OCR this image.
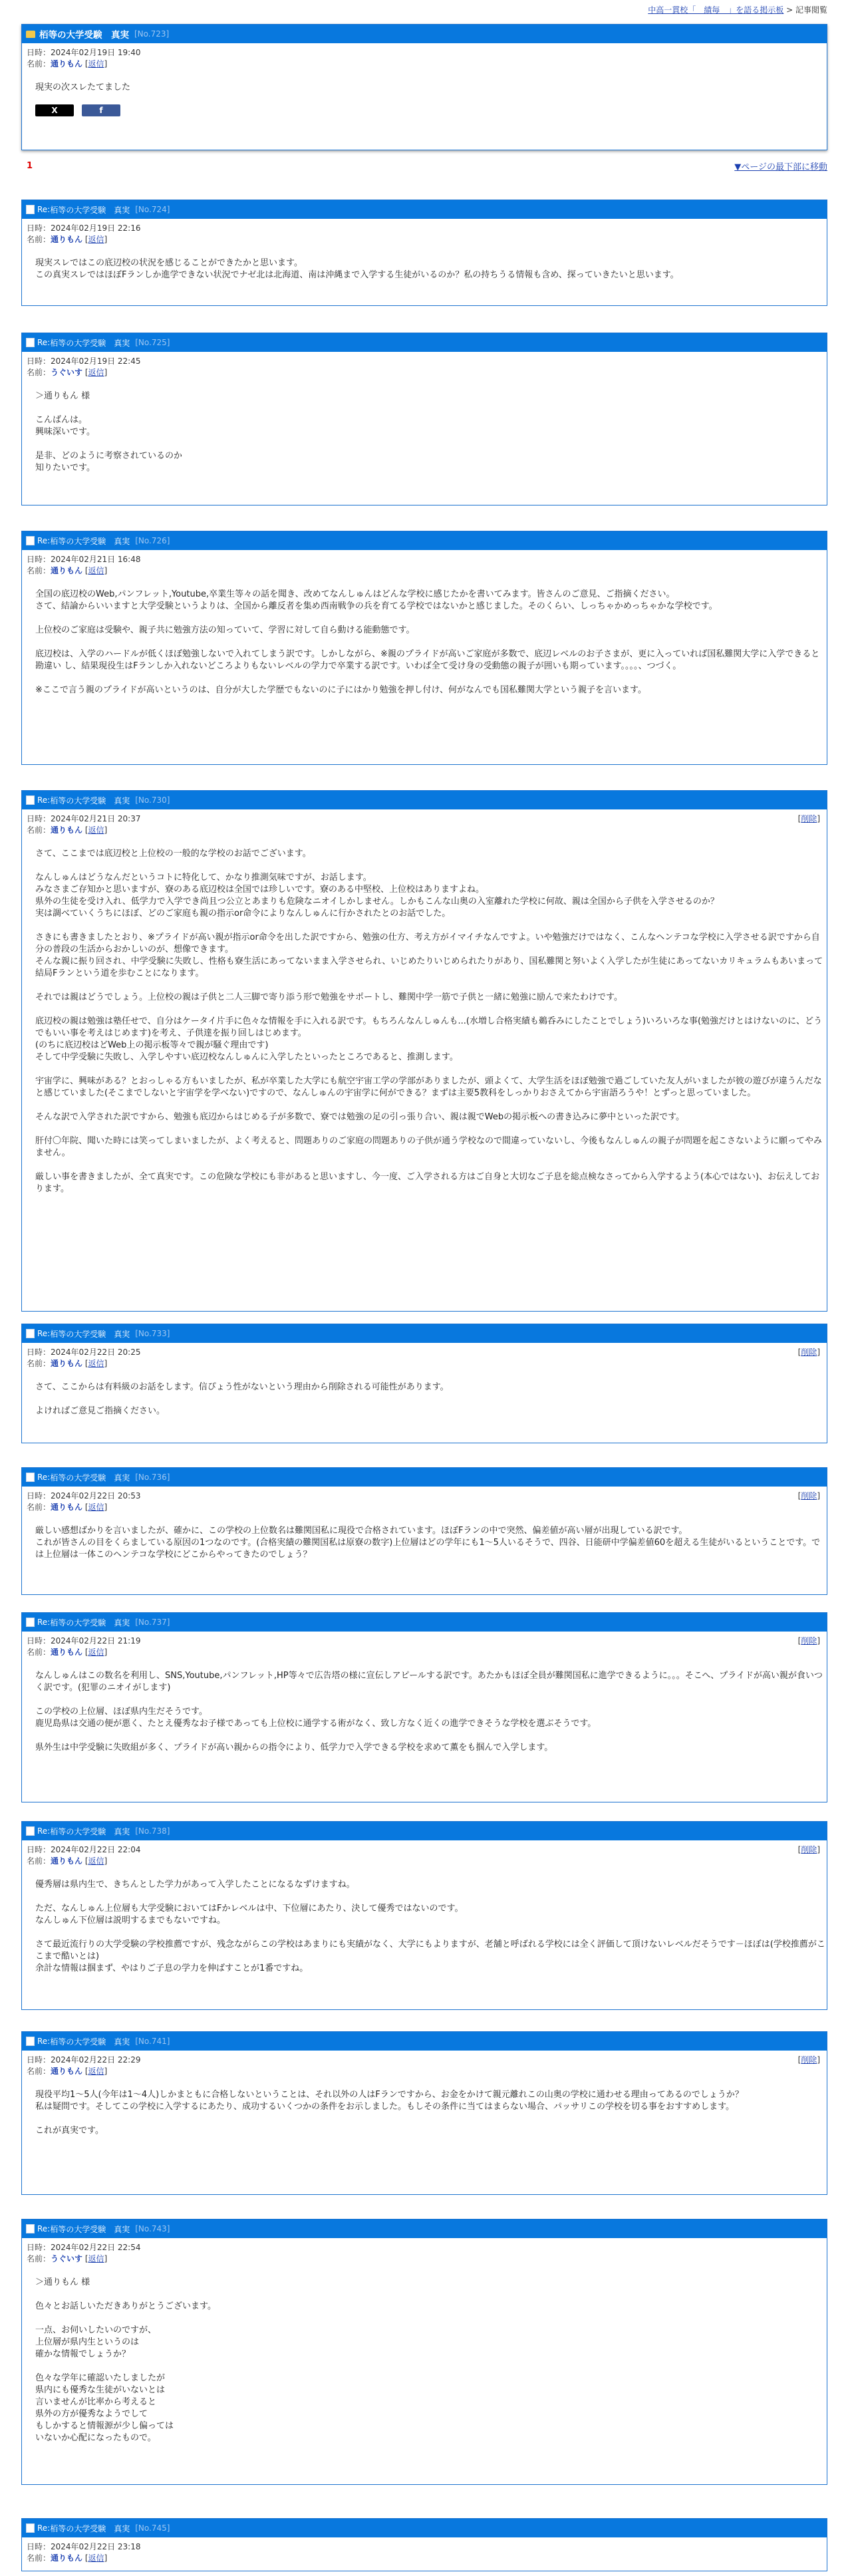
中高一貫校「　績毎　」を語る掲示板 > 記事閲覧
栢等の大学受験　真実 [No.723]
日時：2024年02月19日 19:40
名前：通りもん [返信]
現実の次スレたてました
X	f
1	▼ページの最下部に移動
Re: 栢等の大学受験　真実 [No.724]
日時：2024年02月19日 22:16
名前：通りもん [返信]
現実スレではこの底辺校の状況を感じることができたかと思います。
この真実スレではほぼFランしか進学できない状況でナゼ北は北海道、南は沖縄まで入学する生徒がいるのか？私の持ちうる情報も含め、探っていきたいと思います。
Re: 栢等の大学受験　真実 [No.725]
日時：2024年02月19日 22:45
名前：うぐいす [返信]
＞通りもん 様

こんばんは。
興味深いです。

是非、どのように考察されているのか
知りたいです。
Re: 栢等の大学受験　真実 [No.726]
日時：2024年02月21日 16:48
名前：通りもん [返信]
全国の底辺校のWeb,パンフレット,Youtube,卒業生等々の話を聞き、改めてなんしゅんはどんな学校に感じたかを書いてみます。皆さんのご意見、ご指摘ください。
さて、結論からいいますと大学受験というよりは、全国から離反者を集め西南戦争の兵を育てる学校ではないかと感じました。そのくらい、しっちゃかめっちゃかな学校です。

上位校のご家庭は受験や、親子共に勉強方法の知っていて、学習に対して自ら動ける能動態です。

底辺校は、入学のハードルが低くほぼ勉強しないで入れてしまう訳です。しかしながら、※親のプライドが高いご家庭が多数で、底辺レベルのお子さまが、更に入っていれば国私難関大学に入学できると勘違い し、結果現役生はFランしか入れないどころよりもないレベルの学力で卒業する訳です。いわば全て受け身の受動態の親子が囲いも期っています。。。。、つづく。

※ここで言う親のプライドが高いというのは、自分が大した学歴でもないのに子にはかり勉強を押し付け、何がなんでも国私難関大学という親子を言います。
Re: 栢等の大学受験　真実 [No.730]
[削除]
日時：2024年02月21日 20:37
名前：通りもん [返信]
さて、ここまでは底辺校と上位校の一般的な学校のお話でございます。

なんしゅんはどうなんだというコトに特化して、かなり推測気味ですが、お話します。
みなさまご存知かと思いますが、寮のある底辺校は全国では珍しいです。寮のある中堅校、上位校はありますよね。
県外の生徒を受け入れ、低学力で入学でき尚且つ公立とあまりも危険なニオイしかしません。しかもこんな山奥の入室離れた学校に何故、親は全国から子供を入学させるのか？
実は調べていくうちにほぼ、どのご家庭も親の指示or命令によりなんしゅんに行かされたとのお話でした。

さきにも書きましたとおり、※プライドが高い親が指示or命令を出した訳ですから、勉強の仕方、考え方がイマイチなんですよ。いや勉強だけではなく、こんなヘンテコな学校に入学させる訳ですから自分の普段の生活からおかしいのが、想像できます。
そんな親に振り回され、中学受験に失敗し、性格も寮生活にあってないまま入学させられ、いじめたりいじめられたりがあり、国私難関と努いよく入学したが生徒にあってないカリキュラムもあいまって結局Fランという道を歩むことになります。

それでは親はどうでしょう。上位校の親は子供と二人三脚で寄り添う形で勉強をサポートし、難関中学一筋で子供と一緒に勉強に励んで来たわけです。

底辺校の親は勉強は塾任せで、自分はケータイ片手に色々な情報を手に入れる訳です。もちろんなんしゅんも...(水増し合格実績も鵜呑みにしたことでしょう)いろいろな事(勉強だけとはけないのに、どうでもいい事を考えはじめます)を考え、子供達を振り回しはじめます。
(のちに底辺校はどWeb上の掲示板等々で親が騒ぐ理由です)
そして中学受験に失敗し、入学しやすい底辺校なんしゅんに入学したといったところであると、推測します。

宇宙学に、興味がある？とおっしゃる方もいましたが、私が卒業した大学にも航空宇宙工学の学部がありましたが、頭よくて、大学生活をほぼ勉強で過ごしていた友人がいましたが彼の遊びが違うんだなと感じていました(そこまでしないと宇宙学を学べない)ですので、なんしゅんの宇宙学に何ができる？まずは主要5教科をしっかりおさえてから宇宙語ろうや！とずっと思っていました。

そんな訳で入学された訳ですから、勉強も底辺からはじめる子が多数で、寮では勉強の足の引っ張り合い、親は親でWebの掲示板への書き込みに夢中といった訳です。

肝付〇年院、聞いた時には笑ってしまいましたが、よく考えると、問題ありのご家庭の問題ありの子供が通う学校なので間違っていないし、今後もなんしゅんの親子が問題を起こさないように願ってやみません。

厳しい事を書きましたが、全て真実です。この危険な学校にも非があると思いますし、今一度、ご入学される方はご自身と大切なご子息を総点検なさってから入学するよう(本心ではない)、お伝えしております。
Re: 栢等の大学受験　真実 [No.733]
[削除]
日時：2024年02月22日 20:25
名前：通りもん [返信]
さて、ここからは有料級のお話をします。信ぴょう性がないという理由から削除される可能性があります。

よければご意見ご指摘ください。
Re: 栢等の大学受験　真実 [No.736]
[削除]
日時：2024年02月22日 20:53
名前：通りもん [返信]
厳しい感想ばかりを言いましたが、確かに、この学校の上位数名は難関国私に現役で合格されています。ほぼFランの中で突然、偏差値が高い層が出現している訳です。
これが皆さんの目をくらましている原因の1つなのです。(合格実績の難関国私は原寮の数字)上位層はどの学年にも1～5人いるそうで、四谷、日能研中学偏差値60を超える生徒がいるということです。では上位層は一体このヘンテコな学校にどこからやってきたのでしょう？
Re: 栢等の大学受験　真実 [No.737]
[削除]
日時：2024年02月22日 21:19
名前：通りもん [返信]
なんしゅんはこの数名を利用し、SNS,Youtube,パンフレット,HP等々で広告塔の様に宣伝しアピールする訳です。あたかもほぼ全員が難関国私に進学できるように。。。そこへ、プライドが高い親が食いつく訳です。(犯罪のニオイがします)

この学校の上位層、ほぼ県内生だそうです。
鹿児島県は交通の便が悪く、たとえ優秀なお子様であっても上位校に通学する術がなく、致し方なく近くの進学できそうな学校を選ぶそうです。

県外生は中学受験に失敗組が多く、プライドが高い親からの指令により、低学力で入学できる学校を求めて薫をも掴んで入学します。
Re: 栢等の大学受験　真実 [No.738]
[削除]
日時：2024年02月22日 22:04
名前：通りもん [返信]
優秀層は県内生で、きちんとした学力があって入学したことになるなずけますね。

ただ、なんしゅん上位層も大学受験においてはFかレベルは中、下位層にあたり、決して優秀ではないのです。
なんしゅん下位層は説明するまでもないですね。

さて最近流行りの大学受験の学校推薦ですが、残念ながらこの学校はあまりにも実績がなく、大学にもよりますが、老舗と呼ばれる学校には全く評価して頂けないレベルだそうです－ほぼは(学校推薦がここまで酷いとは)
余計な情報は掴まず、やはりご子息の学力を伸ばすことが1番ですね。
Re: 栢等の大学受験　真実 [No.741]
[削除]
日時：2024年02月22日 22:29
名前：通りもん [返信]
現役平均1～5人(今年は1～4人)しかまともに合格しないということは、それ以外の人はFランですから、お金をかけて親元離れこの山奥の学校に通わせる理由ってあるのでしょうか？
私は疑問です。そしてこの学校に入学するにあたり、成功するいくつかの条件をお示しました。もしその条件に当てはまらない場合、パッサリこの学校を切る事をおすすめします。

これが真実です。
Re: 栢等の大学受験　真実 [No.743]
日時：2024年02月22日 22:54
名前：うぐいす [返信]
＞通りもん 様

色々とお話しいただきありがとうございます。

一点、お伺いしたいのですが、
上位層が県内生というのは
確かな情報でしょうか？

色々な学年に確認いたしましたが
県内にも優秀な生徒がいないとは
言いませんが比率から考えると
県外の方が優秀なようでして
もしかすると情報源が少し偏っては
いないか心配になったもので。
Re: 栢等の大学受験　真実 [No.745]
日時：2024年02月22日 23:18
名前：通りもん [返信]
